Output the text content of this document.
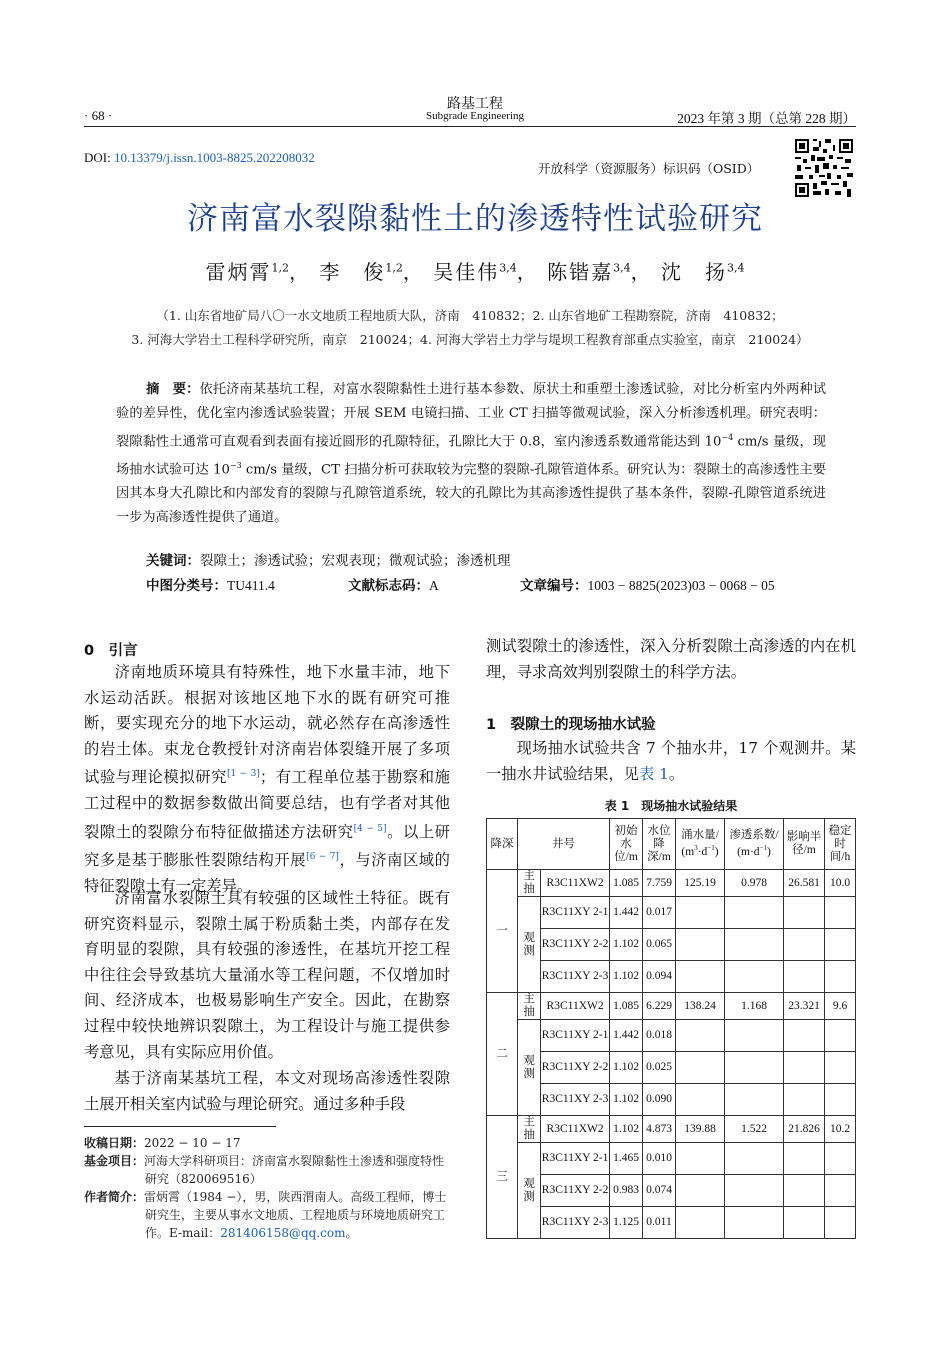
· 68 ·
路基工程
Subgrade Engineering	2023 年第 3 期（总第 228 期）
DOI: 10.13379/j.issn.1003-8825.202208032
开放科学（资源服务）标识码（OSID）
济南富水裂隙黏性土的渗透特性试验研究
雷炳霄$^{1,2}$， 李　俊$^{1,2}$， 吴佳伟$^{3,4}$， 陈锴嘉$^{3,4}$， 沈　扬$^{3,4}$
（1. 山东省地矿局八〇一水文地质工程地质大队，济南　410832；2. 山东省地矿工程勘察院，济南　410832；
3. 河海大学岩土工程科学研究所，南京　210024；4. 河海大学岩土力学与堤坝工程教育部重点实验室，南京　210024）
摘　要：依托济南某基坑工程，对富水裂隙黏性土进行基本参数、原状土和重塑土渗透试验，对比分析室内外两种试验的差异性，优化室内渗透试验装置；开展 SEM 电镜扫描、工业 CT 扫描等微观试验，深入分析渗透机理。研究表明：裂隙黏性土通常可直观看到表面有接近圆形的孔隙特征，孔隙比大于 0.8，室内渗透系数通常能达到 $10^{-4}$ cm/s 量级，现场抽水试验可达 $10^{-3}$ cm/s 量级，CT 扫描分析可获取较为完整的裂隙-孔隙管道体系。研究认为：裂隙土的高渗透性主要因其本身大孔隙比和内部发育的裂隙与孔隙管道系统，较大的孔隙比为其高渗透性提供了基本条件，裂隙-孔隙管道系统进一步为高渗透性提供了通道。
关键词：裂隙土；渗透试验；宏观表现；微观试验；渗透机理
中图分类号：TU411.4	文献标志码：A	文章编号：1003 − 8825(2023)03 − 0068 − 05
0　引言
济南地质环境具有特殊性，地下水量丰沛，地下水运动活跃。根据对该地区地下水的既有研究可推断，要实现充分的地下水运动，就必然存在高渗透性的岩土体。束龙仓教授针对济南岩体裂缝开展了多项试验与理论模拟研究[1 − 3]；有工程单位基于勘察和施工过程中的数据参数做出简要总结，也有学者对其他裂隙土的裂隙分布特征做描述方法研究[4 − 5]。以上研究多是基于膨胀性裂隙结构开展[6 − 7]，与济南区域的特征裂隙土有一定差异。
济南富水裂隙土具有较强的区域性土特征。既有研究资料显示，裂隙土属于粉质黏土类，内部存在发育明显的裂隙，具有较强的渗透性，在基坑开挖工程中往往会导致基坑大量涌水等工程问题，不仅增加时间、经济成本，也极易影响生产安全。因此，在勘察过程中较快地辨识裂隙土，为工程设计与施工提供参考意见，具有实际应用价值。
基于济南某基坑工程，本文对现场高渗透性裂隙土展开相关室内试验与理论研究。通过多种手段
收稿日期：2022 − 10 − 17
基金项目：河海大学科研项目：济南富水裂隙黏性土渗透和强度特性研究（820069516）
作者简介：雷炳霄（1984 −），男，陕西渭南人。高级工程师，博士研究生，主要从事水文地质、工程地质与环境地质研究工作。E-mail：281406158@qq.com。
测试裂隙土的渗透性，深入分析裂隙土高渗透的内在机理，寻求高效判别裂隙土的科学方法。
1　裂隙土的现场抽水试验
现场抽水试验共含 7 个抽水井，17 个观测井。某一抽水井试验结果，见表 1。
表 1　现场抽水试验结果
降深	井号		初始水位/m	水位降深/m	涌水量/
$(m^3\cdot d^{-1})$	渗透系数/
$(m\cdot d^{-1})$	影响半径/m	稳定时间/h
一	主抽	R3C11XW2	1.085	7.759	125.19	0.978	26.581	10.0
	观测	R3C11XY 2-1	1.442	0.017				
		R3C11XY 2-2	1.102	0.065				
		R3C11XY 2-3	1.102	0.094				
二	主抽	R3C11XW2	1.085	6.229	138.24	1.168	23.321	9.6
	观测	R3C11XY 2-1	1.442	0.018				
		R3C11XY 2-2	1.102	0.025				
		R3C11XY 2-3	1.102	0.090				
三	主抽	R3C11XW2	1.102	4.873	139.88	1.522	21.826	10.2
	观测	R3C11XY 2-1	1.465	0.010				
		R3C11XY 2-2	0.983	0.074				
		R3C11XY 2-3	1.125	0.011				
